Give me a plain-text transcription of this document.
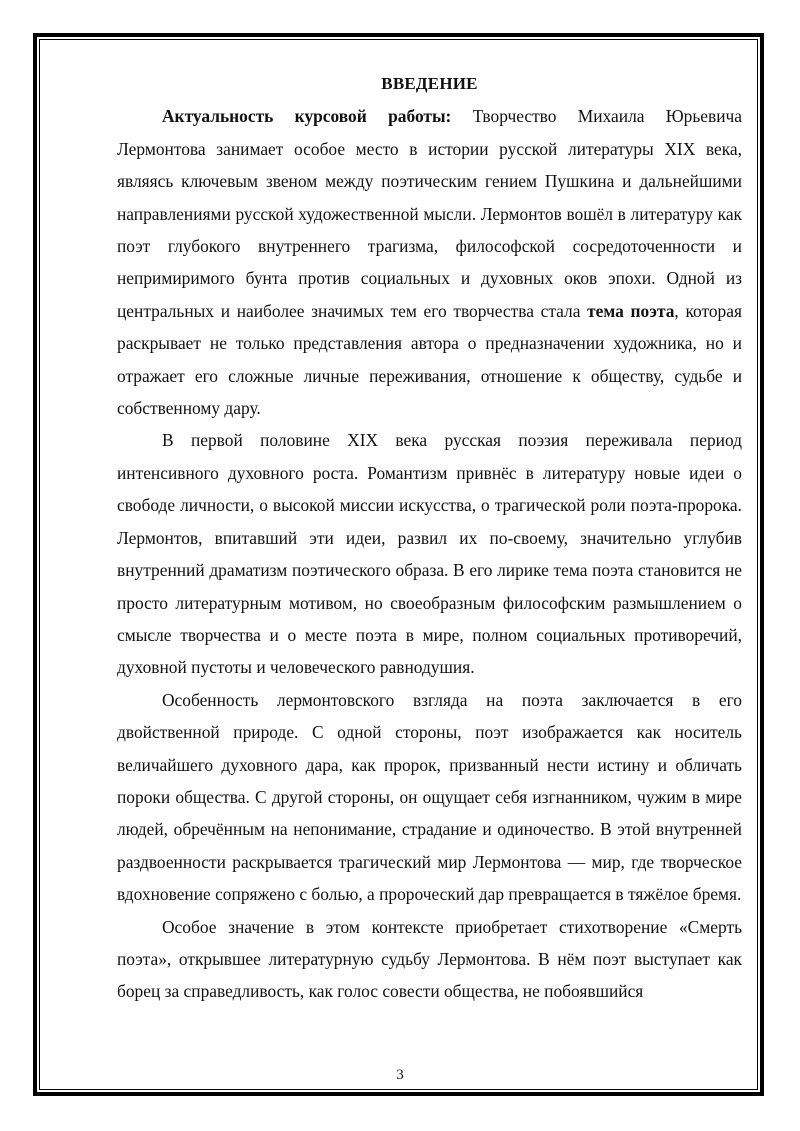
ВВЕДЕНИЕ

Актуальность курсовой работы: Творчество Михаила Юрьевича Лермонтова занимает особое место в истории русской литературы XIX века, являясь ключевым звеном между поэтическим гением Пушкина и дальнейшими направлениями русской художественной мысли. Лермонтов вошёл в литературу как поэт глубокого внутреннего трагизма, философской сосредоточенности и непримиримого бунта против социальных и духовных оков эпохи. Одной из центральных и наиболее значимых тем его творчества стала тема поэта, которая раскрывает не только представления автора о предназначении художника, но и отражает его сложные личные переживания, отношение к обществу, судьбе и собственному дару.

В первой половине XIX века русская поэзия переживала период интенсивного духовного роста. Романтизм привнёс в литературу новые идеи о свободе личности, о высокой миссии искусства, о трагической роли поэта-пророка. Лермонтов, впитавший эти идеи, развил их по-своему, значительно углубив внутренний драматизм поэтического образа. В его лирике тема поэта становится не просто литературным мотивом, но своеобразным философским размышлением о смысле творчества и о месте поэта в мире, полном социальных противоречий, духовной пустоты и человеческого равнодушия.

Особенность лермонтовского взгляда на поэта заключается в его двойственной природе. С одной стороны, поэт изображается как носитель величайшего духовного дара, как пророк, призванный нести истину и обличать пороки общества. С другой стороны, он ощущает себя изгнанником, чужим в мире людей, обречённым на непонимание, страдание и одиночество. В этой внутренней раздвоенности раскрывается трагический мир Лермонтова — мир, где творческое вдохновение сопряжено с болью, а пророческий дар превращается в тяжёлое бремя.

Особое значение в этом контексте приобретает стихотворение «Смерть поэта», открывшее литературную судьбу Лермонтова. В нём поэт выступает как борец за справедливость, как голос совести общества, не побоявшийся

3
